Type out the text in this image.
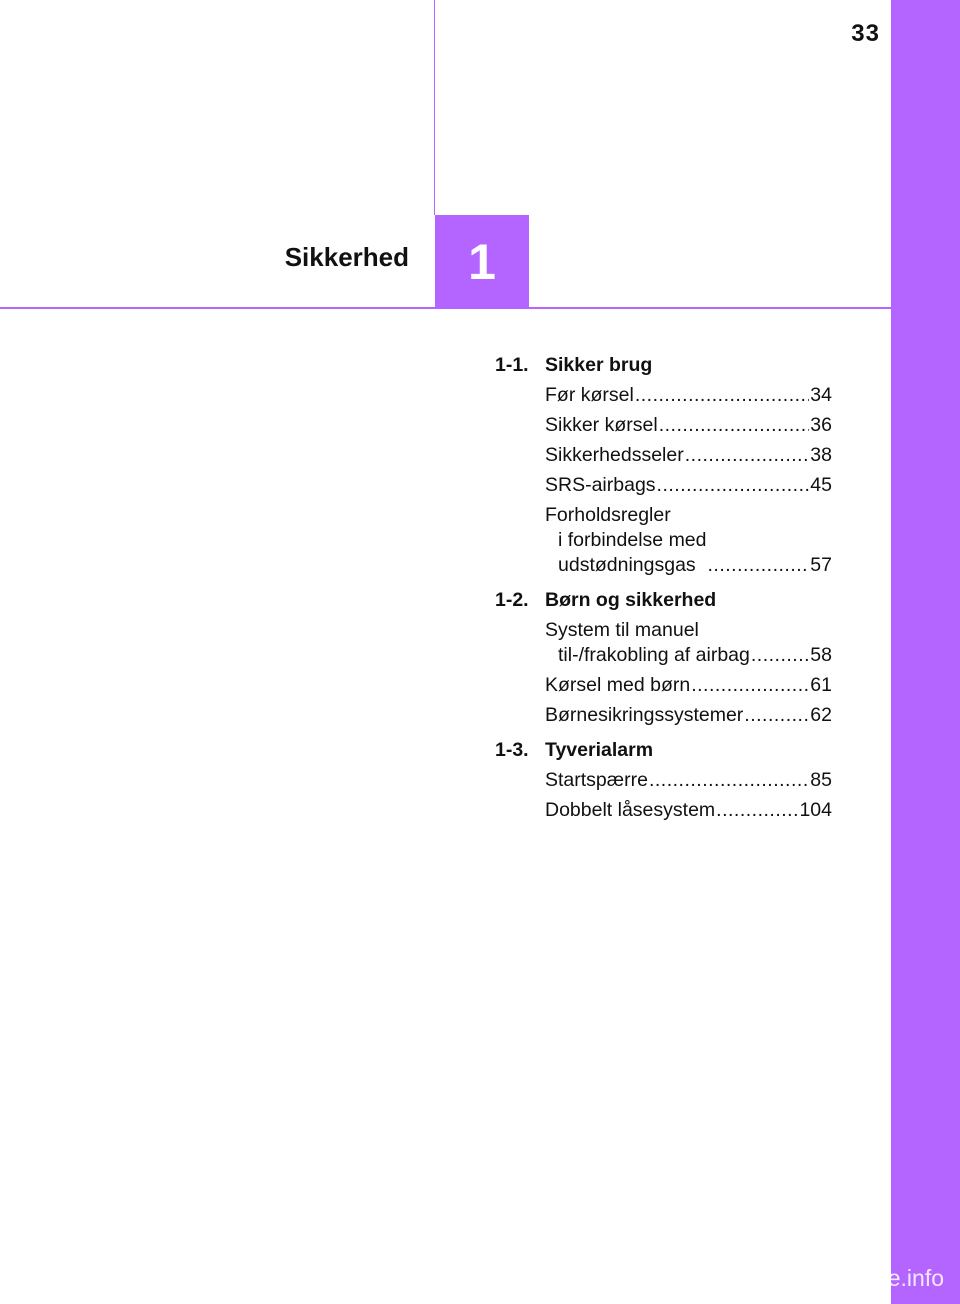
33
1
Sikkerhed
1-1. Sikker brug
Før kørsel .....	34
Sikker kørsel .....	36
Sikkerhedsseler .....	38
SRS-airbags .....	45
Forholdsregler
i forbindelse med
udstødningsgas .....	57
1-2. Børn og sikkerhed
System til manuel
til-/frakobling af airbag .....	58
Kørsel med børn .....	61
Børnesikringssystemer .....	62
1-3. Tyverialarm
Startspærre .....	85
Dobbelt låsesystem .....	104
carmanualsonline.info
